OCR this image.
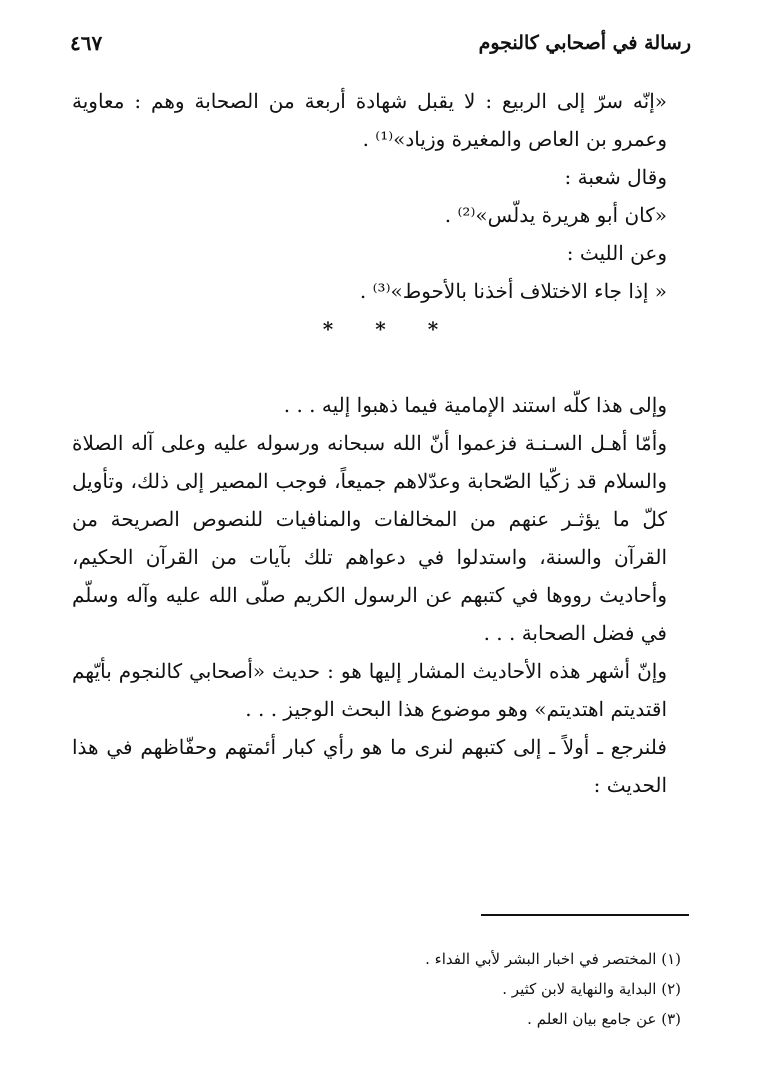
رسالة في أصحابي كالنجوم
٤٦٧

«إنّه سرّ إلى الربيع : لا يقبل شهادة أربعة من الصحابة وهم : معاوية وعمرو بن العاص والمغيرة وزياد»⁽¹⁾ .

وقال شعبة :

«كان أبو هريرة يدلّس»⁽²⁾ .

وعن الليث :

« إذا جاء الاختلاف أخذنا بالأحوط»⁽³⁾ .

*
*
*

وإلى هذا كلّه استند الإمامية فيما ذهبوا إليه . . .

وأمّا أهـل السـنـة فزعموا أنّ الله سبحانه ورسوله عليه وعلى آله الصلاة والسلام قد زكّيا الصّحابة وعدّلاهم جميعاً، فوجب المصير إلى ذلك، وتأويل كلّ ما يؤثـر عنهم من المخالفات والمنافيات للنصوص الصريحة من القرآن والسنة، واستدلوا في دعواهم تلك بآيات من القرآن الحكيم، وأحاديث رووها في كتبهم عن الرسول الكريم صلّى الله عليه وآله وسلّم في فضل الصحابة . . .

وإنّ أشهر هذه الأحاديث المشار إليها هو : حديث «أصحابي كالنجوم بأيّهم اقتديتم اهتديتم» وهو موضوع هذا البحث الوجيز . . .

فلنرجع ـ أولاً ـ إلى كتبهم لنرى ما هو رأي كبار أئمتهم وحفّاظهم في هذا الحديث :

(١) المختصر في اخبار البشر لأبي الفداء .

(٢) البداية والنهاية لابن كثير .

(٣) عن جامع بيان العلم .
